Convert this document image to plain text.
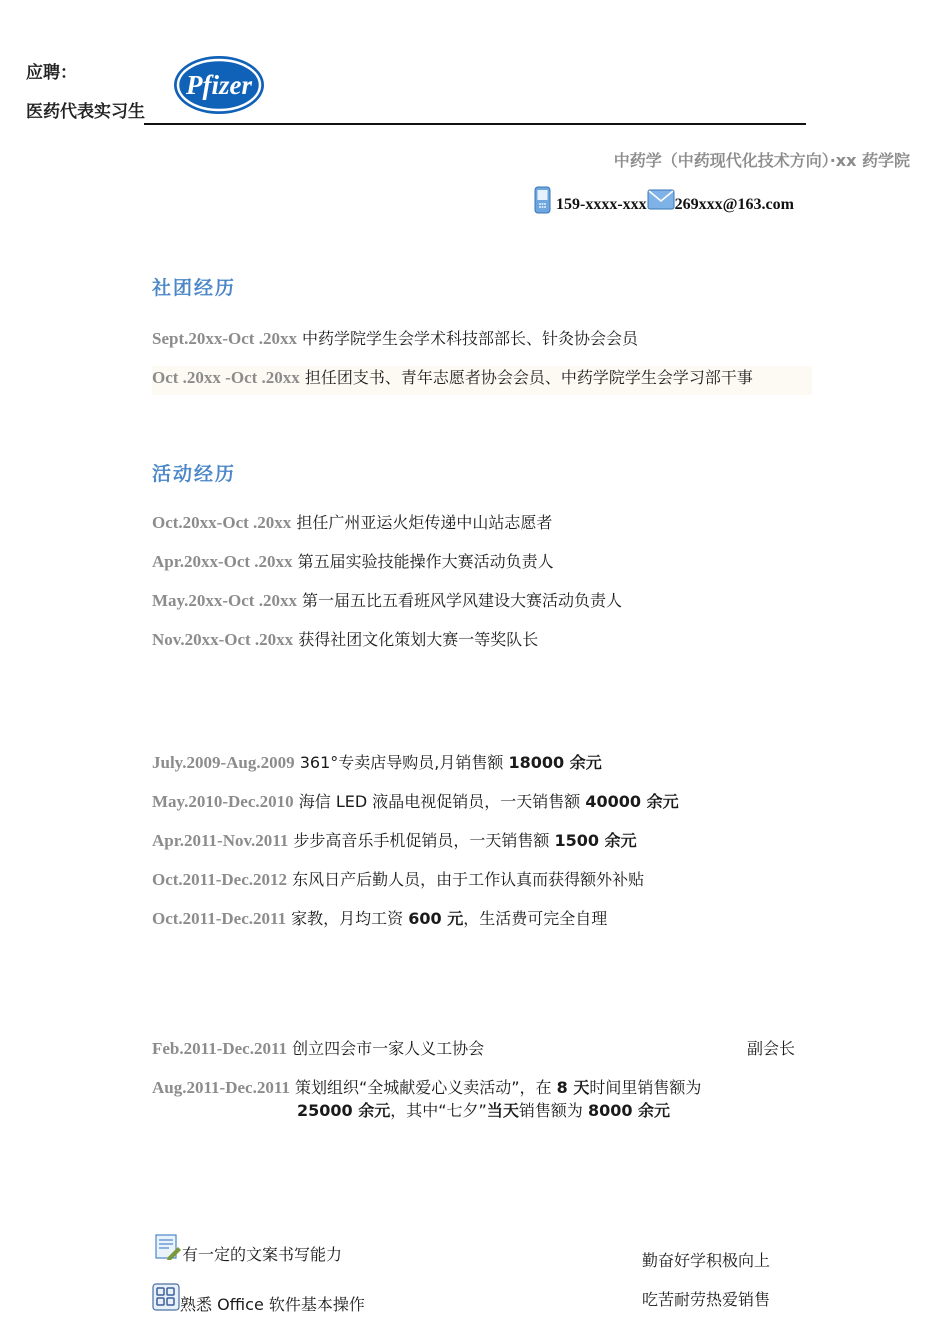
应聘：
医药代表实习生
Pfizer
中药学（中药现代化技术方向）·xx 药学院
159-xxxx-xxx 269xxx@163.com
社团经历
Sept.20xx-Oct .20xx 中药学院学生会学术科技部部长、针灸协会会员
Oct .20xx -Oct .20xx 担任团支书、青年志愿者协会会员、中药学院学生会学习部干事
活动经历
Oct.20xx-Oct .20xx 担任广州亚运火炬传递中山站志愿者
Apr.20xx-Oct .20xx 第五届实验技能操作大赛活动负责人
May.20xx-Oct .20xx 第一届五比五看班风学风建设大赛活动负责人
Nov.20xx-Oct .20xx 获得社团文化策划大赛一等奖队长
July.2009-Aug.2009 361°专卖店导购员,月销售额 18000 余元
May.2010-Dec.2010 海信 LED 液晶电视促销员，一天销售额 40000 余元
Apr.2011-Nov.2011 步步高音乐手机促销员，一天销售额 1500 余元
Oct.2011-Dec.2012 东风日产后勤人员，由于工作认真而获得额外补贴
Oct.2011-Dec.2011 家教，月均工资 600 元，生活费可完全自理
Feb.2011-Dec.2011 创立四会市一家人义工协会	副会长
Aug.2011-Dec.2011 策划组织“全城献爱心义卖活动”，在 8 天时间里销售额为
25000 余元，其中“七夕”当天销售额为 8000 余元
有一定的文案书写能力
熟悉 Office 软件基本操作
勤奋好学积极向上
吃苦耐劳热爱销售
